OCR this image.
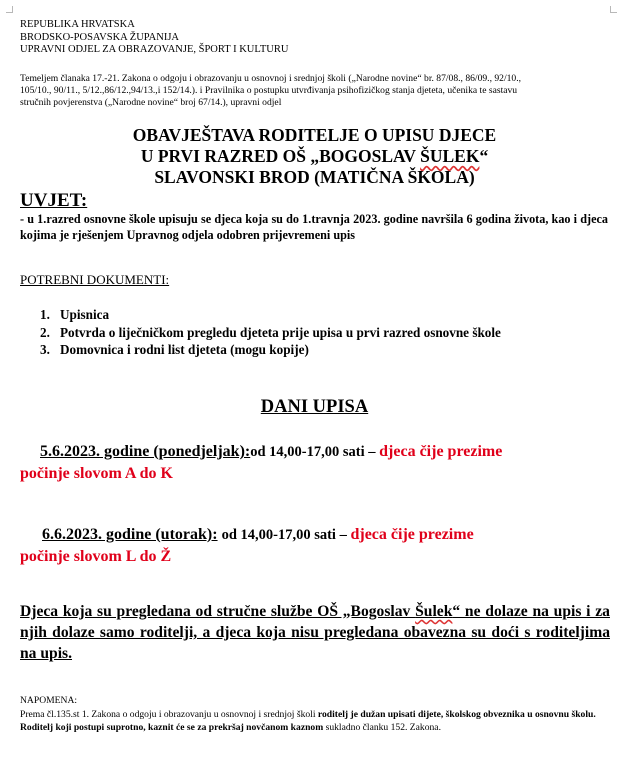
REPUBLIKA HRVATSKA
BRODSKO-POSAVSKA ŽUPANIJA
UPRAVNI ODJEL ZA OBRAZOVANJE, ŠPORT I KULTURU
Temeljem članaka 17.-21. Zakona o odgoju i obrazovanju u osnovnoj i srednjoj školi („Narodne novine“ br. 87/08., 86/09., 92/10.,
105/10., 90/11., 5/12.,86/12.,94/13.,i 152/14.). i Pravilnika o postupku utvrđivanja psihofizičkog stanja djeteta, učenika te sastavu
stručnih povjerenstva („Narodne novine“ broj 67/14.), upravni odjel
OBAVJEŠTAVA RODITELJE O UPISU DJECE
U PRVI RAZRED OŠ „BOGOSLAV ŠULEK“
SLAVONSKI BROD (MATIČNA ŠKOLA)
UVJET:
- u 1.razred osnovne škole upisuju se djeca koja su do 1.travnja 2023. godine navršila 6 godina života, kao i djeca kojima je rješenjem Upravnog odjela odobren prijevremeni upis
POTREBNI DOKUMENTI:
1. Upisnica
2. Potvrda o liječničkom pregledu djeteta prije upisa u prvi razred osnovne škole
3. Domovnica i rodni list djeteta (mogu kopije)
DANI UPISA
5.6.2023. godine (ponedjeljak):od 14,00-17,00 sati – djeca čije prezime
počinje slovom A do K
6.6.2023. godine (utorak): od 14,00-17,00 sati – djeca čije prezime
počinje slovom L do Ž
Djeca koja su pregledana od stručne službe OŠ „Bogoslav Šulek“ ne dolaze na upis i za njih dolaze samo roditelji, a djeca koja nisu pregledana obavezna su doći s roditeljima na upis.
NAPOMENA:
Prema čl.135.st 1. Zakona o odgoju i obrazovanju u osnovnoj i srednjoj školi roditelj je dužan upisati dijete, školskog obveznika u osnovnu školu. Roditelj koji postupi suprotno, kaznit će se za prekršaj novčanom kaznom sukladno članku 152. Zakona.
